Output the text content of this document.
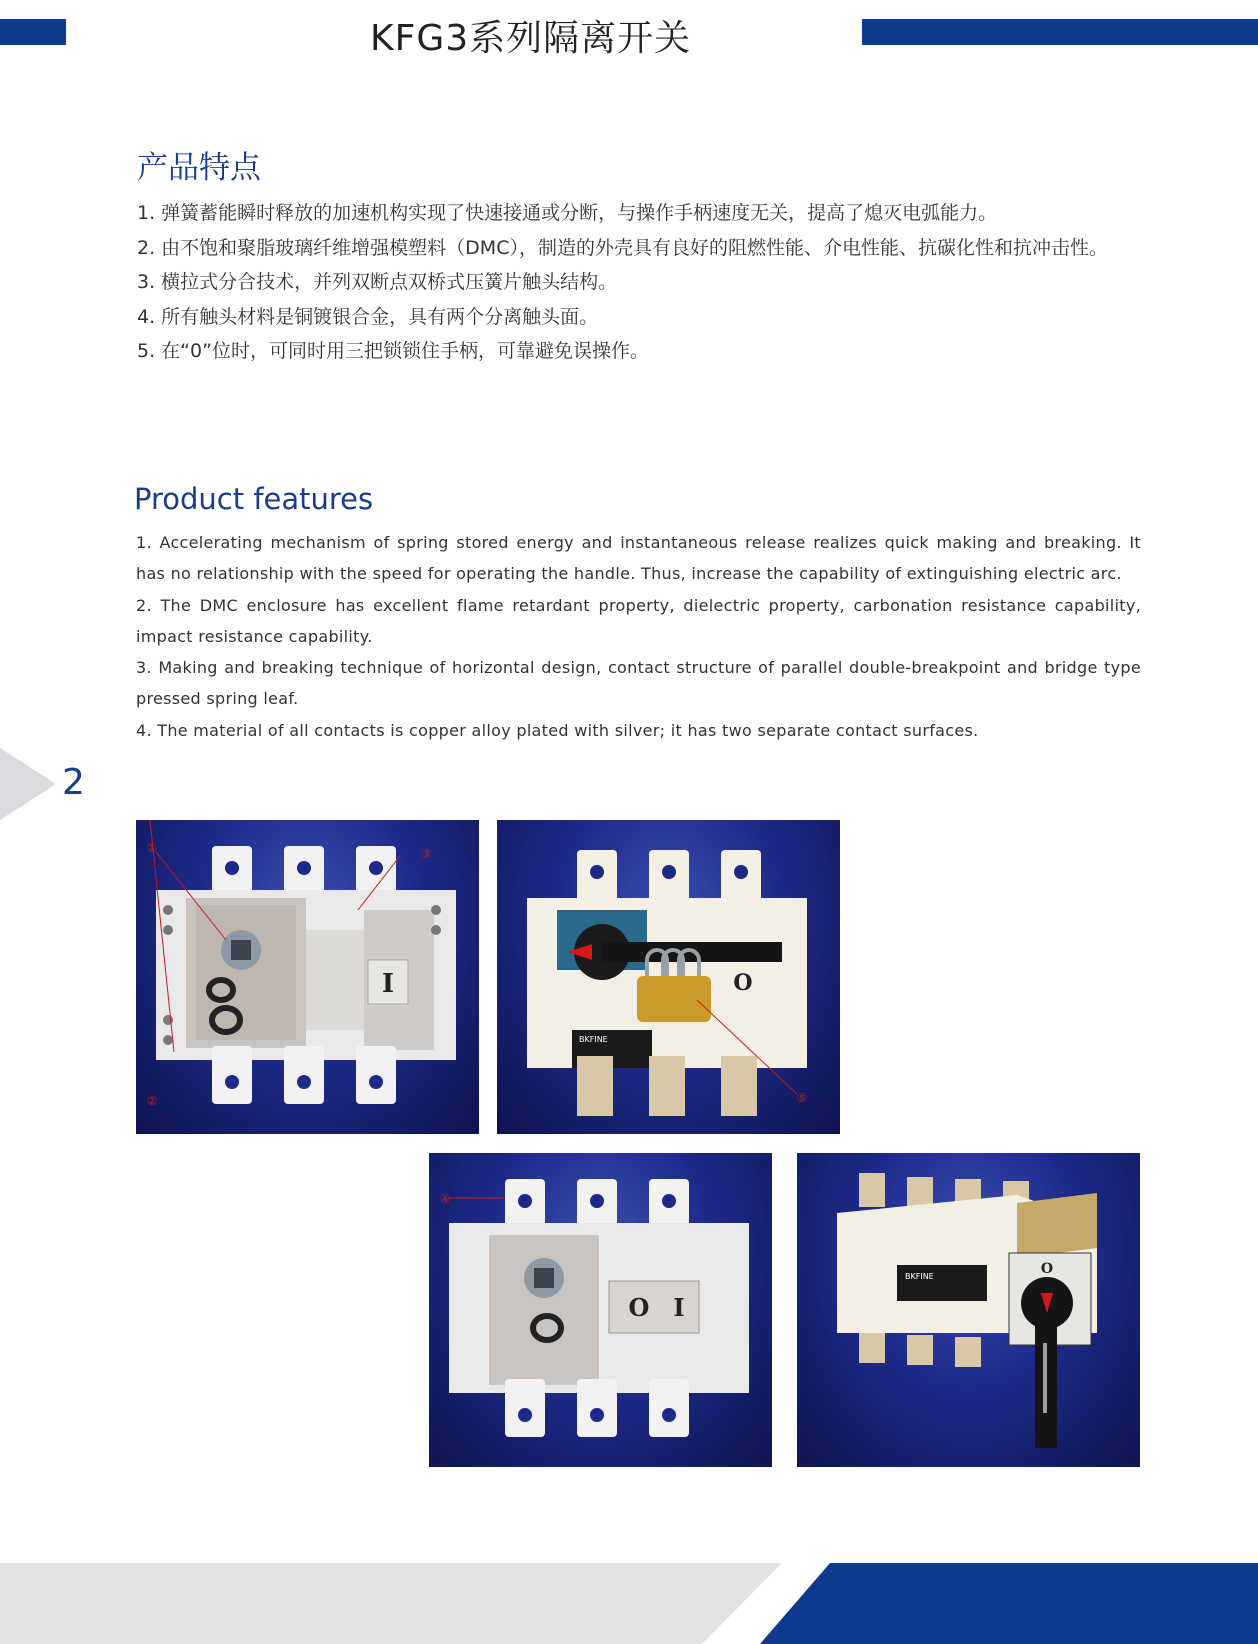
KFG3系列隔离开关
产品特点

1. 弹簧蓄能瞬时释放的加速机构实现了快速接通或分断，与操作手柄速度无关，提高了熄灭电弧能力。

2. 由不饱和聚脂玻璃纤维增强模塑料（DMC），制造的外壳具有良好的阻燃性能、介电性能、抗碳化性和抗冲击性。

3. 横拉式分合技术，并列双断点双桥式压簧片触头结构。

4. 所有触头材料是铜镀银合金，具有两个分离触头面。

5. 在“0”位时，可同时用三把锁锁住手柄，可靠避免误操作。

Product features

1. Accelerating mechanism of spring stored energy and instantaneous release realizes quick making and breaking. It has no relationship with the speed for operating the handle. Thus, increase the capability of extinguishing electric arc.

2. The DMC enclosure has excellent flame retardant property, dielectric property, carbonation resistance capability, impact resistance capability.

3. Making and breaking technique of horizontal design, contact structure of parallel double-breakpoint and bridge type pressed spring leaf.

4. The material of all contacts is copper alloy plated with silver; it has two separate contact surfaces.

2
I
①
②
③
O
BKFINE
⑤
O I
④
BKFINE	O
